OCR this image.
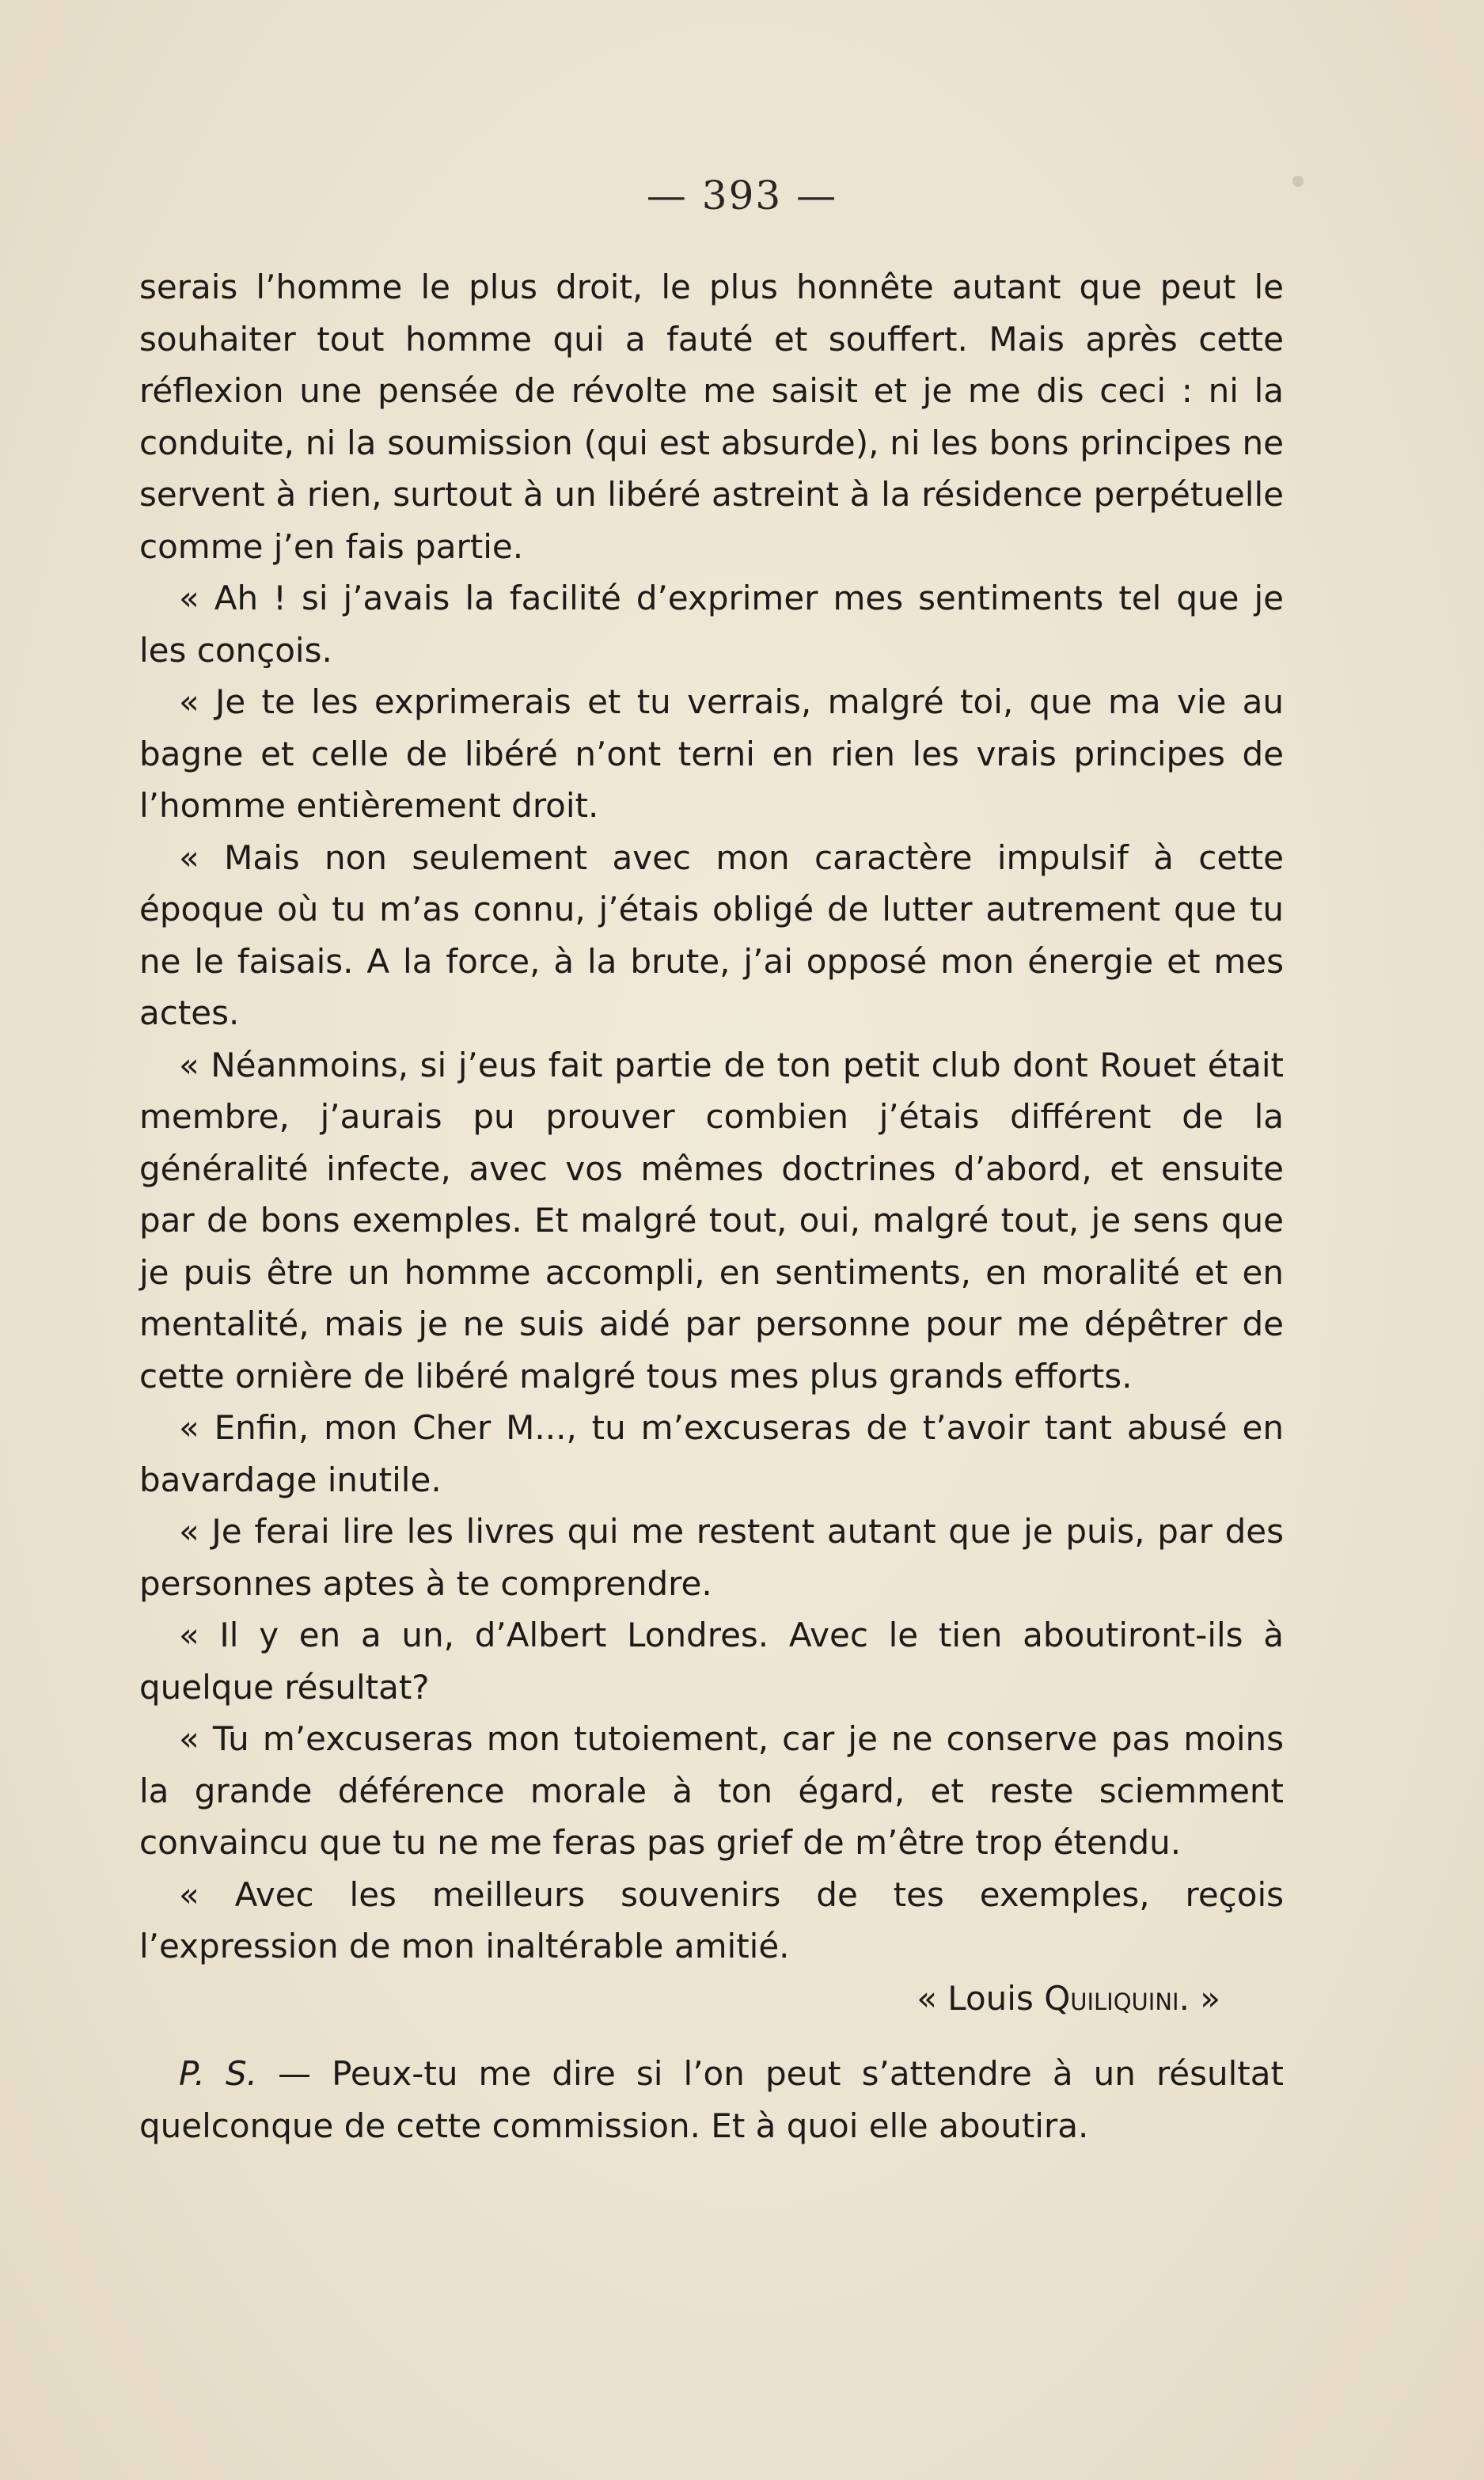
— 393 —

serais l’homme le plus droit, le plus honnête autant que peut le souhaiter tout homme qui a fauté et souffert. Mais après cette réflexion une pensée de révolte me saisit et je me dis ceci : ni la conduite, ni la soumission (qui est absurde), ni les bons principes ne servent à rien, surtout à un libéré astreint à la résidence perpétuelle comme j’en fais partie.

« Ah ! si j’avais la facilité d’exprimer mes sentiments tel que je les conçois.

« Je te les exprimerais et tu verrais, malgré toi, que ma vie au bagne et celle de libéré n’ont terni en rien les vrais principes de l’homme entièrement droit.

« Mais non seulement avec mon caractère impulsif à cette époque où tu m’as connu, j’étais obligé de lutter autrement que tu ne le faisais. A la force, à la brute, j’ai opposé mon énergie et mes actes.

« Néanmoins, si j’eus fait partie de ton petit club dont Rouet était membre, j’aurais pu prouver combien j’étais différent de la généralité infecte, avec vos mêmes doctrines d’abord, et ensuite par de bons exemples. Et malgré tout, oui, malgré tout, je sens que je puis être un homme accompli, en sentiments, en moralité et en mentalité, mais je ne suis aidé par personne pour me dépêtrer de cette ornière de libéré malgré tous mes plus grands efforts.

« Enfin, mon Cher M..., tu m’excuseras de t’avoir tant abusé en bavardage inutile.

« Je ferai lire les livres qui me restent autant que je puis, par des personnes aptes à te comprendre.

« Il y en a un, d’Albert Londres. Avec le tien aboutiront-ils à quelque résultat?

« Tu m’excuseras mon tutoiement, car je ne conserve pas moins la grande déférence morale à ton égard, et reste sciemment convaincu que tu ne me feras pas grief de m’être trop étendu.

« Avec les meilleurs souvenirs de tes exemples, reçois l’expression de mon inaltérable amitié.

« Louis Quiliquini. »

P. S. — Peux-tu me dire si l’on peut s’attendre à un résultat quelconque de cette commission. Et à quoi elle aboutira.
